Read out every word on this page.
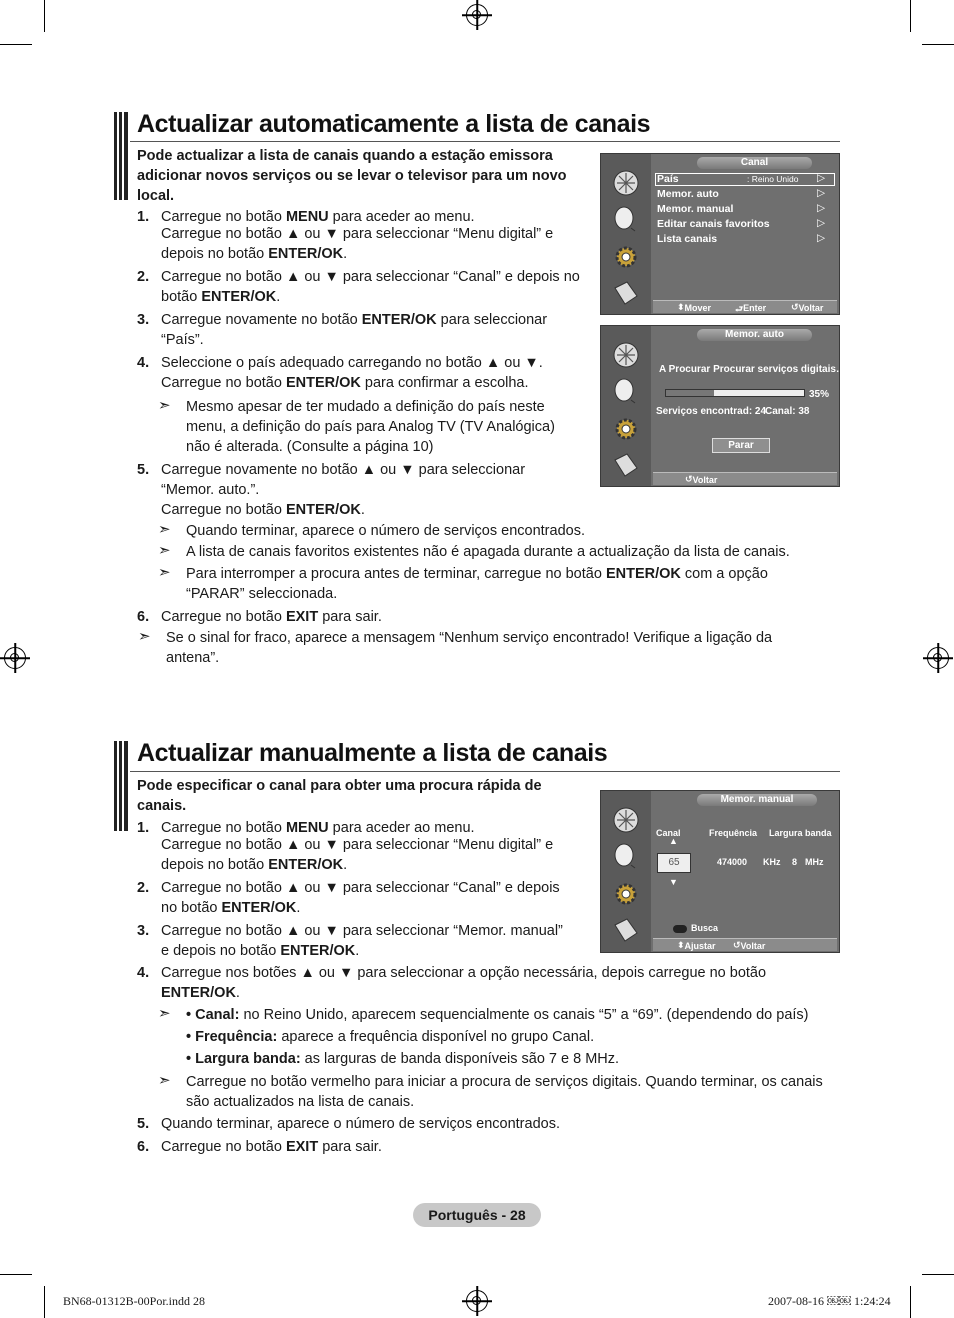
Actualizar automaticamente a lista de canais
Pode actualizar a lista de canais quando a estação emissora
adicionar novos serviços ou se levar o televisor para um novo
local.
1. Carregue no botão MENU para aceder ao menu.
Carregue no botão ▲ ou ▼ para seleccionar “Menu digital” e
depois no botão ENTER/OK.
2. Carregue no botão ▲ ou ▼ para seleccionar “Canal” e depois no
botão ENTER/OK.
3. Carregue novamente no botão ENTER/OK para seleccionar
“País”.
4. Seleccione o país adequado carregando no botão ▲ ou ▼.
Carregue no botão ENTER/OK para confirmar a escolha.
5. Carregue novamente no botão ▲ ou ▼ para seleccionar
“Memor. auto.”.
Carregue no botão ENTER/OK.
6. Carregue no botão EXIT para sair.
➣ Mesmo apesar de ter mudado a definição do país neste
menu, a definição do país para Analog TV (TV Analógica)
não é alterada. (Consulte a página 10)
➣ Quando terminar, aparece o número de serviços encontrados.
➣ A lista de canais favoritos existentes não é apagada durante a actualização da lista de canais.
➣ Para interromper a procura antes de terminar, carregue no botão ENTER/OK com a opção
“PARAR” seleccionada.
➣ Se o sinal for fraco, aparece a mensagem “Nenhum serviço encontrado! Verifique a ligação da
antena”.
Canal
País	: Reino Unido ▷
Memor. auto	▷
Memor. manual	▷
Editar canais favoritos	▷
Lista canais	▷
⬍ Mover	⮐ Enter	↺ Voltar
Memor. auto
A Procurar Procurar serviços digitais…
35%
Serviços encontrad: 24
Canal: 38
Parar
↺ Voltar
Actualizar manualmente a lista de canais
Pode especificar o canal para obter uma procura rápida de
canais.
1. Carregue no botão MENU para aceder ao menu.
Carregue no botão ▲ ou ▼ para seleccionar “Menu digital” e
depois no botão ENTER/OK.
2. Carregue no botão ▲ ou ▼ para seleccionar “Canal” e depois
no botão ENTER/OK.
3. Carregue no botão ▲ ou ▼ para seleccionar “Memor. manual”
e depois no botão ENTER/OK.
4. Carregue nos botões ▲ ou ▼ para seleccionar a opção necessária, depois carregue no botão
ENTER/OK.
5. Quando terminar, aparece o número de serviços encontrados.
6. Carregue no botão EXIT para sair.
➣ • Canal: no Reino Unido, aparecem sequencialmente os canais “5” a “69”. (dependendo do país)
• Frequência: aparece a frequência disponível no grupo Canal.
• Largura banda: as larguras de banda disponíveis são 7 e 8 MHz.
➣ Carregue no botão vermelho para iniciar a procura de serviços digitais. Quando terminar, os canais
são actualizados na lista de canais.
Memor. manual
Canal	Frequência Largura banda
▲
65
▼
474000 KHz 8 MHz
Busca
⬍ Ajustar ↺ Voltar
Português - 28
BN68-01312B-00Por.indd 28	2007-08-16 ￼￼ 1:24:24
